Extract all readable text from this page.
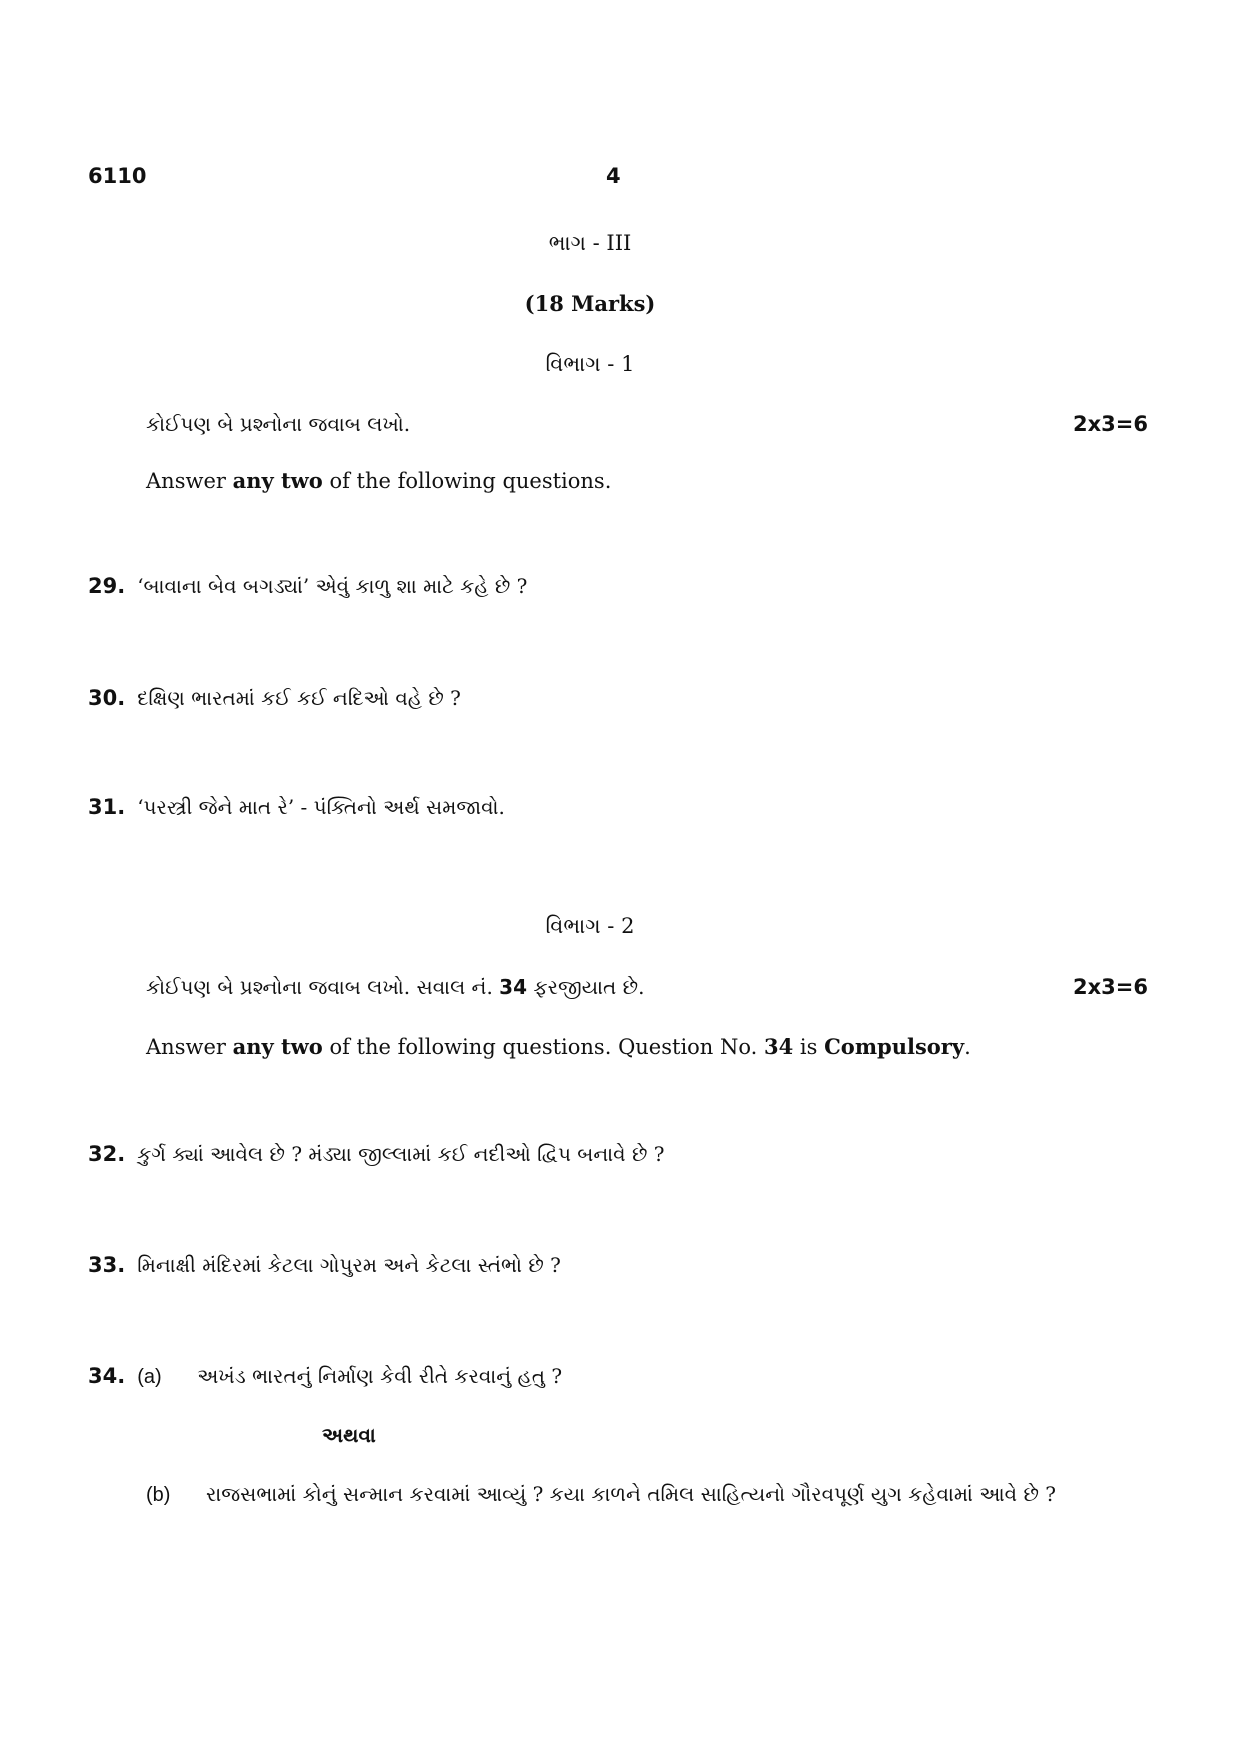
6110	4
ભાગ - III
(18 Marks)
વિભાગ - 1
કોઈપણ બે પ્રશ્નોના જવાબ લખો.	2x3=6
Answer any two of the following questions.
29. ‘બાવાના બેવ બગડ્યાં’ એવું કાળુ શા માટે કહે છે ?
30. દક્ષિણ ભારતમાં કઈ કઈ નદિઓ વહે છે ?
31. ‘પરસ્ત્રી જેને માત રે’ - પંક્તિનો અર્થ સમજાવો.
વિભાગ - 2
કોઈપણ બે પ્રશ્નોના જવાબ લખો. સવાલ નં. 34 ફરજીયાત છે.	2x3=6
Answer any two of the following questions. Question No. 34 is Compulsory.
32. કુર્ગ ક્યાં આવેલ છે ? મંડ્યા જીલ્લામાં કઈ નદીઓ દ્વિપ બનાવે છે ?
33. મિનાક્ષી મંદિરમાં કેટલા ગોપુરમ અને કેટલા સ્તંભો છે ?
34. (a) અખંડ ભારતનું નિર્માણ કેવી રીતે કરવાનું હતુ ?
અથવા
(b) રાજસભામાં કોનું સન્માન કરવામાં આવ્યું ? કયા કાળને તમિલ સાહિત્યનો ગૌરવપૂર્ણ યુગ કહેવામાં આવે છે ?
